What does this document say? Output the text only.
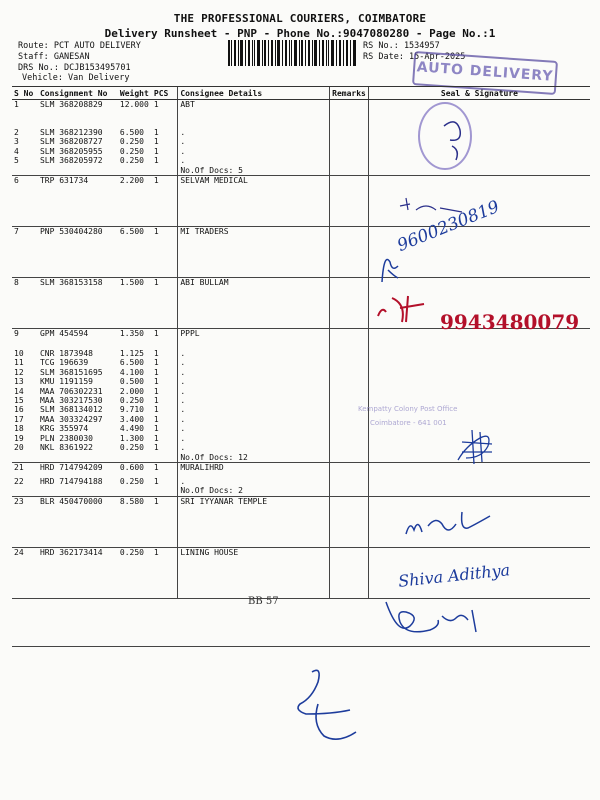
THE PROFESSIONAL COURIERS, COIMBATORE
Delivery Runsheet - PNP - Phone No.:9047080280 - Page No.:1
Route: PCT AUTO DELIVERY
Staff: GANESAN
DRS No.: DCJB153495701
Vehicle: Van Delivery
RS No.: 1534957
RS Date: 15-Apr-2025
AUTO DELIVERY
S No	Consignment No	Weight	PCS	Consignee Details	Remarks	Seal & Signature
1	SLM 368208829	12.000	1	ABT		
2	SLM 368212390	6.500	1	.		
3	SLM 368208727	0.250	1	.		
4	SLM 368205955	0.250	1	.		
5	SLM 368205972	0.250	1	.		
				No.Of Docs: 5		
6	TRP 631734	2.200	1	SELVAM MEDICAL		
7	PNP 530404280	6.500	1	MI TRADERS		
8	SLM 368153158	1.500	1	ABI BULLAM		
9	GPM 454594	1.350	1	PPPL		
10	CNR 1873948	1.125	1	.		
11	TCG 196639	6.500	1	.		
12	SLM 368151695	4.100	1	.		
13	KMU 1191159	0.500	1	.		
14	MAA 706302231	2.000	1	.		
15	MAA 303217530	0.250	1	.		
16	SLM 368134012	9.710	1	.		
17	MAA 303324297	3.400	1	.		
18	KRG 355974	4.490	1	.		
19	PLN 2380030	1.300	1	.		
20	NKL 8361922	0.250	1	.		
				No.Of Docs: 12		
21	HRD 714794209	0.600	1	MURALIHRD		
22	HRD 714794188	0.250	1	.		
				No.Of Docs: 2		
23	BLR 450470000	8.580	1	SRI IYYANAR TEMPLE		
24	HRD 362173414	0.250	1	LINING HOUSE		
9600230819
9943480079
Kempatty Colony Post Office
Coimbatore - 641 001
Shiva Adithya
BB 57
